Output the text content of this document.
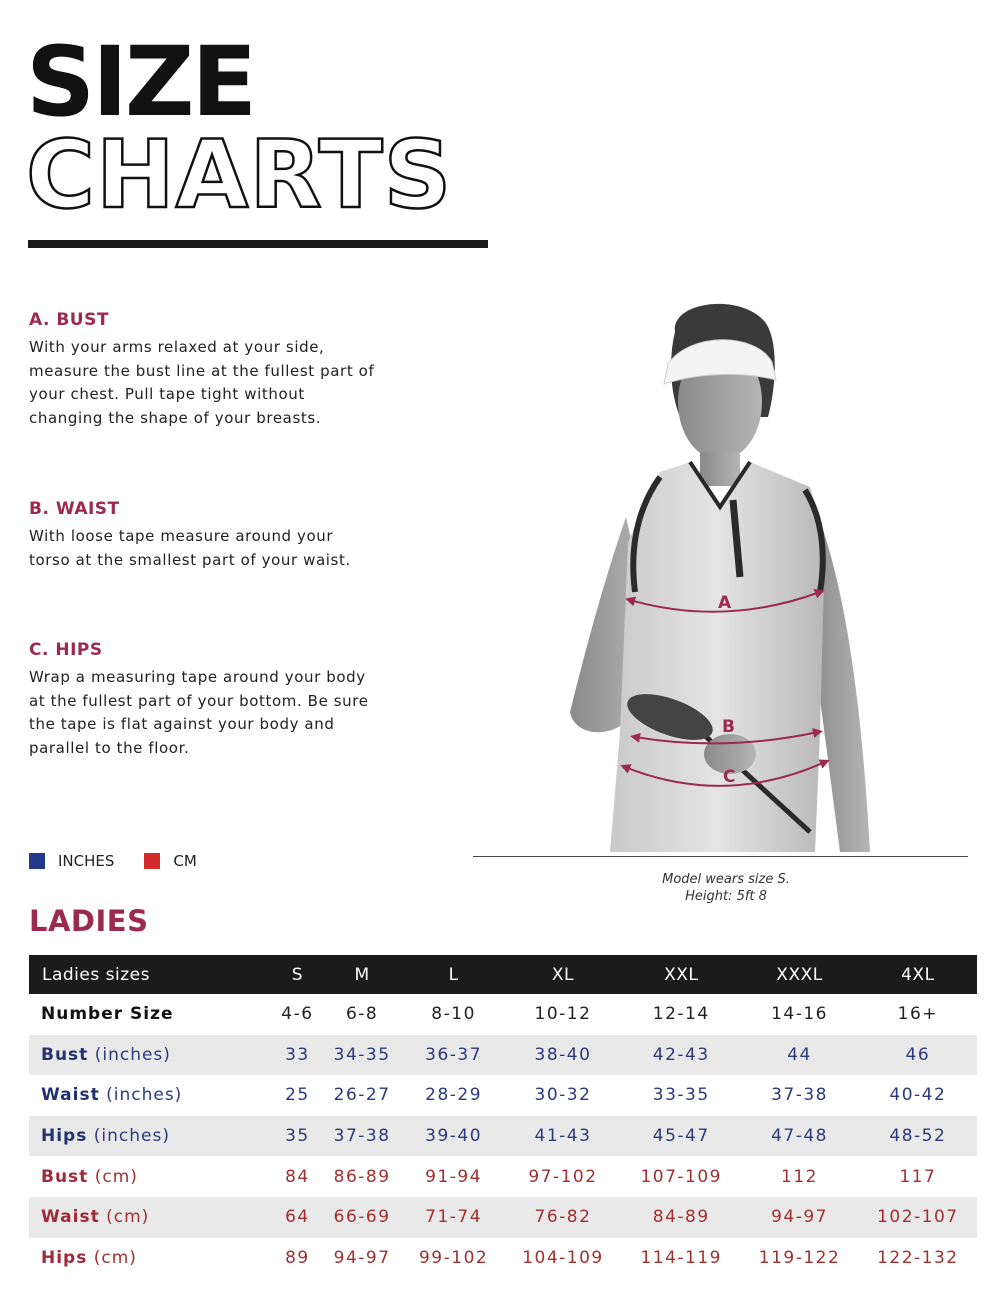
SIZE
CHARTS
A. BUST

With your arms relaxed at your side, measure the bust line at the fullest part of your chest. Pull tape tight without changing the shape of your breasts.

B. WAIST

With loose tape measure around your torso at the smallest part of your waist.

C. HIPS

Wrap a measuring tape around your body at the fullest part of your bottom. Be sure the tape is flat against your body and parallel to the floor.

INCHES	CM
A
B
C
Model wears size S.
Height: 5ft 8
LADIES
Ladies sizes	S	M	L	XL	XXL	XXXL	4XL
Number Size	4-6	6-8	8-10	10-12	12-14	14-16	16+
Bust (inches)	33	34-35	36-37	38-40	42-43	44	46
Waist (inches)	25	26-27	28-29	30-32	33-35	37-38	40-42
Hips (inches)	35	37-38	39-40	41-43	45-47	47-48	48-52
Bust (cm)	84	86-89	91-94	97-102	107-109	112	117
Waist (cm)	64	66-69	71-74	76-82	84-89	94-97	102-107
Hips (cm)	89	94-97	99-102	104-109	114-119	119-122	122-132
